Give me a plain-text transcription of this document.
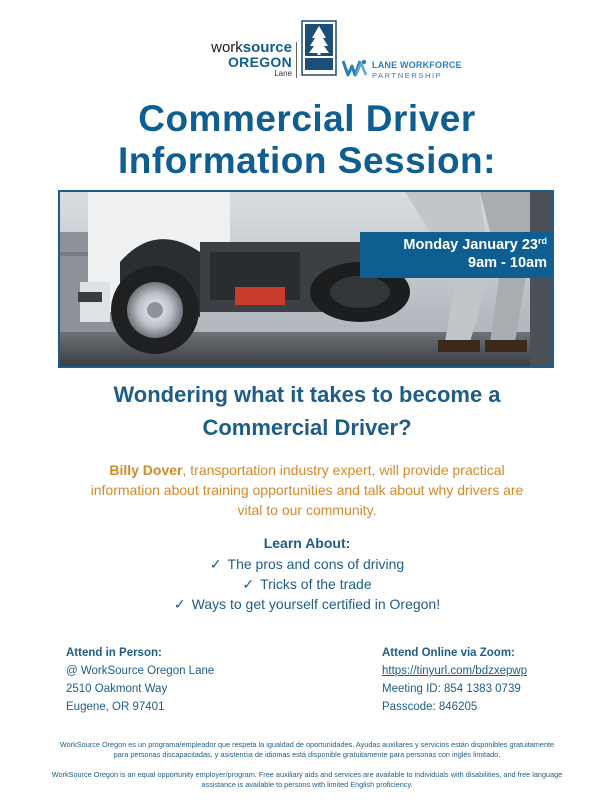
worksource
OREGON
Lane
LANE WORKFORCE
PARTNERSHIP
Commercial Driver
Information Session:
Monday January 23rd
9am - 10am
Wondering what it takes to become a
Commercial Driver?
Billy Dover, transportation industry expert, will provide practical
information about training opportunities and talk about why drivers are
vital to our community.
Learn About:
✓ The pros and cons of driving
✓ Tricks of the trade
✓ Ways to get yourself certified in Oregon!
Attend in Person:
@ WorkSource Oregon Lane
2510 Oakmont Way
Eugene, OR 97401
Attend Online via Zoom:
https://tinyurl.com/bdzxepwp
Meeting ID: 854 1383 0739
Passcode: 846205
WorkSource Oregon es un programa/empleador que respeta la igualdad de oportunidades. Ayudas auxiliares y servicios están disponibles gratuitamente
para personas discapacitadas, y asistencia de idiomas está disponible gratuitamente para personas con inglés limitado.
WorkSource Oregon is an equal opportunity employer/program. Free auxiliary aids and services are available to individuals with disabilities, and free language
assistance is available to persons with limited English proficiency.
